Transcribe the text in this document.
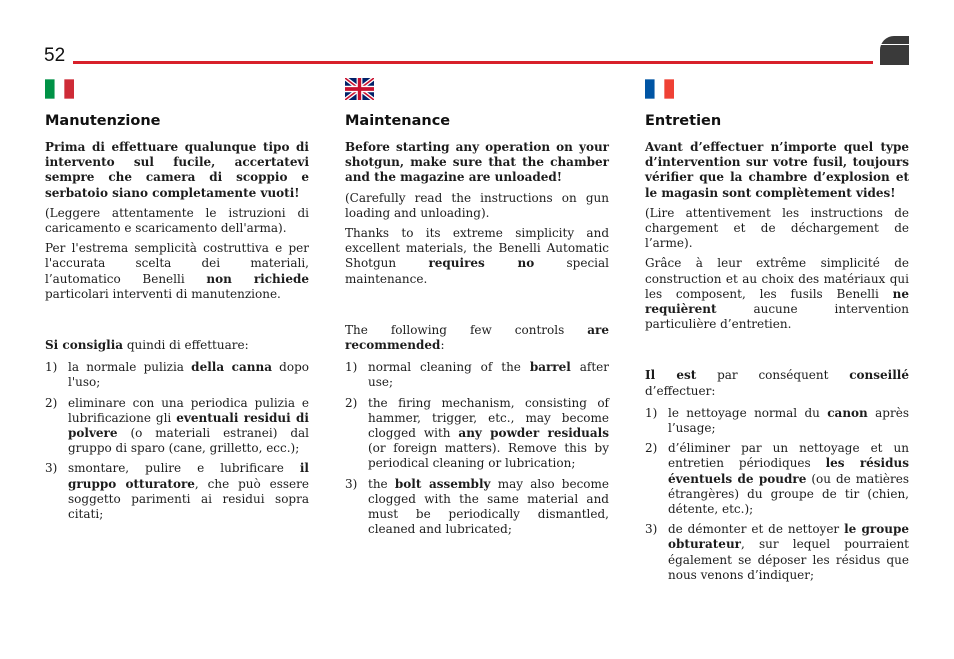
52
Manutenzione
Prima di effettuare qualunque tipo di intervento sul fucile, accertatevi sempre che camera di scoppio e serbatoio siano completamente vuoti!
(Leggere attentamente le istruzioni di caricamento e scaricamento dell'arma).
Per l'estrema semplicità costruttiva e per l'accurata scelta dei materiali, l’automatico Benelli non richiede particolari interventi di manutenzione.
Si consiglia quindi di effettuare:
1) la normale pulizia della canna dopo l'uso;
2) eliminare con una periodica pulizia e lubrificazione gli eventuali residui di polvere (o materiali estranei) dal gruppo di sparo (cane, grilletto, ecc.);
3) smontare, pulire e lubrificare il gruppo otturatore, che può essere soggetto parimenti ai residui sopra citati;
Maintenance
Before starting any operation on your shotgun, make sure that the chamber and the magazine are unloaded!
(Carefully read the instructions on gun loading and unloading).
Thanks to its extreme simplicity and excellent materials, the Benelli Automatic Shotgun requires no special maintenance.
The following few controls are recommended:
1) normal cleaning of the barrel after use;
2) the firing mechanism, consisting of hammer, trigger, etc., may become clogged with any powder residuals (or foreign matters). Remove this by periodical cleaning or lubrication;
3) the bolt assembly may also become clogged with the same material and must be periodically dismantled, cleaned and lubricated;
Entretien
Avant d’effectuer n’importe quel type d’intervention sur votre fusil, toujours vérifier que la chambre d’explosion et le magasin sont complètement vides!
(Lire attentivement les instructions de chargement et de déchargement de l’arme).
Grâce à leur extrême simplicité de construction et au choix des matériaux qui les composent, les fusils Benelli ne requièrent aucune intervention particulière d’entretien.
Il est par conséquent conseillé d’effectuer:
1) le nettoyage normal du canon après l’usage;
2) d’éliminer par un nettoyage et un entretien périodiques les résidus éventuels de poudre (ou de matières étrangères) du groupe de tir (chien, détente, etc.);
3) de démonter et de nettoyer le groupe obturateur, sur lequel pourraient également se déposer les résidus que nous venons d’indiquer;
